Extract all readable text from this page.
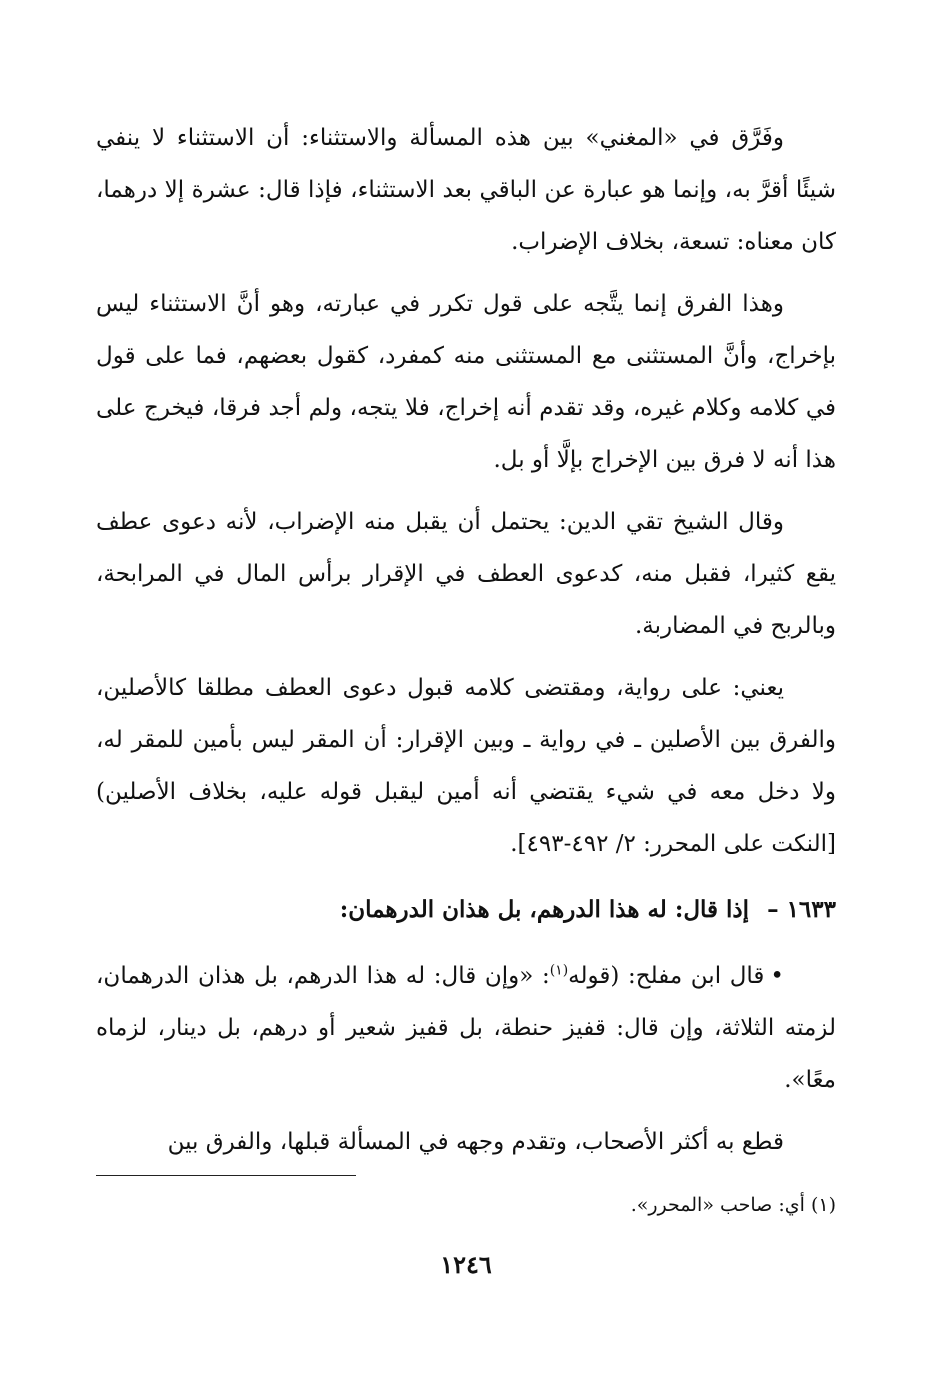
وفَرَّق في «المغني» بين هذه المسألة والاستثناء: أن الاستثناء لا ينفي شيئًا أقرَّ به، وإنما هو عبارة عن الباقي بعد الاستثناء، فإذا قال: عشرة إلا درهما، كان معناه: تسعة، بخلاف الإضراب.

وهذا الفرق إنما يتَّجه على قول تكرر في عبارته، وهو أنَّ الاستثناء ليس بإخراج، وأنَّ المستثنى مع المستثنى منه كمفرد، كقول بعضهم، فما على قول في كلامه وكلام غيره، وقد تقدم أنه إخراج، فلا يتجه، ولم أجد فرقا، فيخرج على هذا أنه لا فرق بين الإخراج بإلَّا أو بل.

وقال الشيخ تقي الدين: يحتمل أن يقبل منه الإضراب، لأنه دعوى عطف يقع كثيرا، فقبل منه، كدعوى العطف في الإقرار برأس المال في المرابحة، وبالربح في المضاربة.

يعني: على رواية، ومقتضى كلامه قبول دعوى العطف مطلقا كالأصلين، والفرق بين الأصلين ـ في رواية ـ وبين الإقرار: أن المقر ليس بأمين للمقر له، ولا دخل معه في شيء يقتضي أنه أمين ليقبل قوله عليه، بخلاف الأصلين) [النكت على المحرر: ٢/ ٤٩٢-٤٩٣].

١٦٣٣ –إذا قال: له هذا الدرهم، بل هذان الدرهمان:

•قال ابن مفلح: (قوله$^{(١)}$: «وإن قال: له هذا الدرهم، بل هذان الدرهمان، لزمته الثلاثة، وإن قال: قفيز حنطة، بل قفيز شعير أو درهم، بل دينار، لزماه معًا».

قطع به أكثر الأصحاب، وتقدم وجهه في المسألة قبلها، والفرق بين

(١) أي: صاحب «المحرر».
١٢٤٦
